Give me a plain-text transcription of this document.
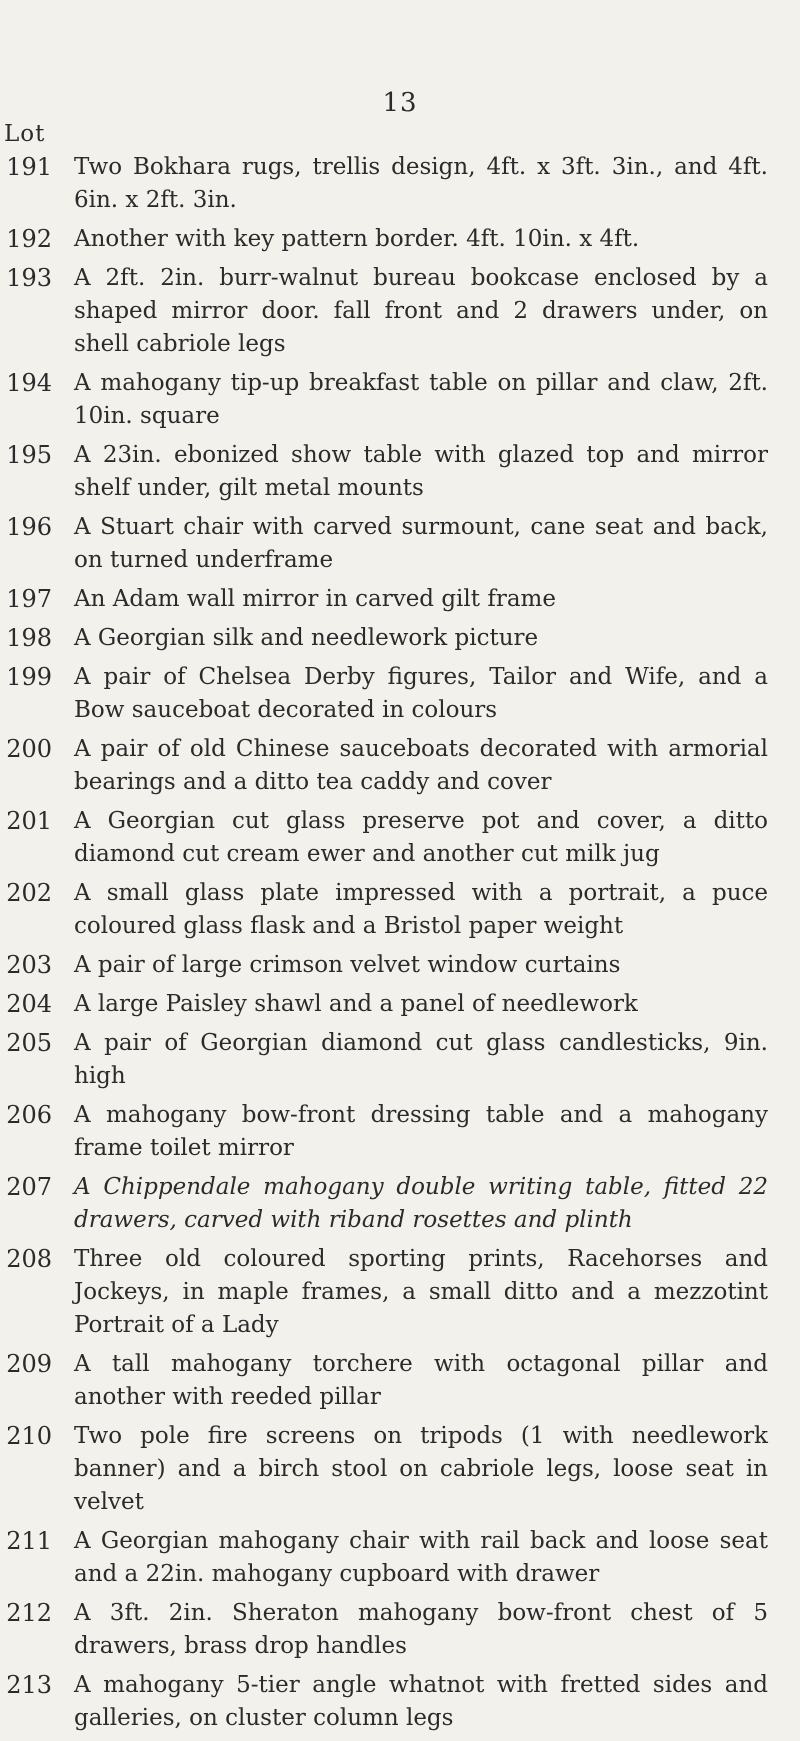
13
Lot
191 Two Bokhara rugs, trellis design, 4ft. x 3ft. 3in., and 4ft. 6in. x 2ft. 3in.
192 Another with key pattern border. 4ft. 10in. x 4ft.
193 A 2ft. 2in. burr-walnut bureau bookcase enclosed by a shaped mirror door. fall front and 2 drawers under, on shell cabriole legs
194 A mahogany tip-up breakfast table on pillar and claw, 2ft. 10in. square
195 A 23in. ebonized show table with glazed top and mirror shelf under, gilt metal mounts
196 A Stuart chair with carved surmount, cane seat and back, on turned underframe
197 An Adam wall mirror in carved gilt frame
198 A Georgian silk and needlework picture
199 A pair of Chelsea Derby figures, Tailor and Wife, and a Bow sauceboat decorated in colours
200 A pair of old Chinese sauceboats decorated with armorial bearings and a ditto tea caddy and cover
201 A Georgian cut glass preserve pot and cover, a ditto diamond cut cream ewer and another cut milk jug
202 A small glass plate impressed with a portrait, a puce coloured glass flask and a Bristol paper weight
203 A pair of large crimson velvet window curtains
204 A large Paisley shawl and a panel of needlework
205 A pair of Georgian diamond cut glass candlesticks, 9in. high
206 A mahogany bow-front dressing table and a mahogany frame toilet mirror
207 A Chippendale mahogany double writing table, fitted 22 drawers, carved with riband rosettes and plinth
208 Three old coloured sporting prints, Racehorses and Jockeys, in maple frames, a small ditto and a mezzotint Portrait of a Lady
209 A tall mahogany torchere with octagonal pillar and another with reeded pillar
210 Two pole fire screens on tripods (1 with needlework banner) and a birch stool on cabriole legs, loose seat in velvet
211 A Georgian mahogany chair with rail back and loose seat and a 22in. mahogany cupboard with drawer
212 A 3ft. 2in. Sheraton mahogany bow-front chest of 5 drawers, brass drop handles
213 A mahogany 5-tier angle whatnot with fretted sides and galleries, on cluster column legs
